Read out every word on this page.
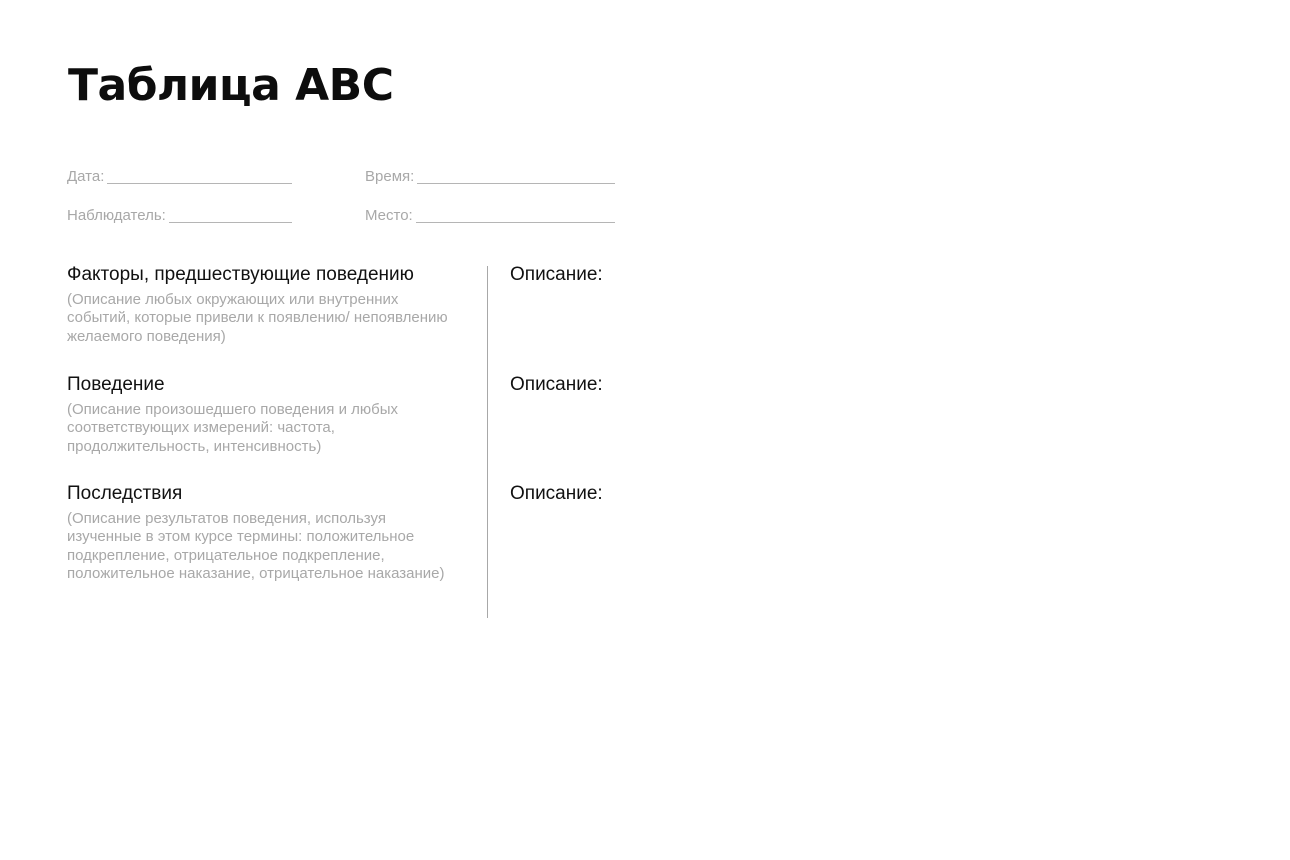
Таблица ABC
Дата:	Время:
Наблюдатель:	Место:
Факторы, предшествующие поведению

(Описание любых окружающих или внутренних событий, которые привели к появлению/ непоявлению желаемого поведения)

Поведение

(Описание произошедшего поведения и любых соответствующих измерений: частота, продолжительность, интенсивность)

Последствия

(Описание результатов поведения, используя изученные в этом курсе термины: положительное подкрепление, отрицательное подкрепление, положительное наказание, отрицательное наказание)

Описание:

Описание:

Описание:
